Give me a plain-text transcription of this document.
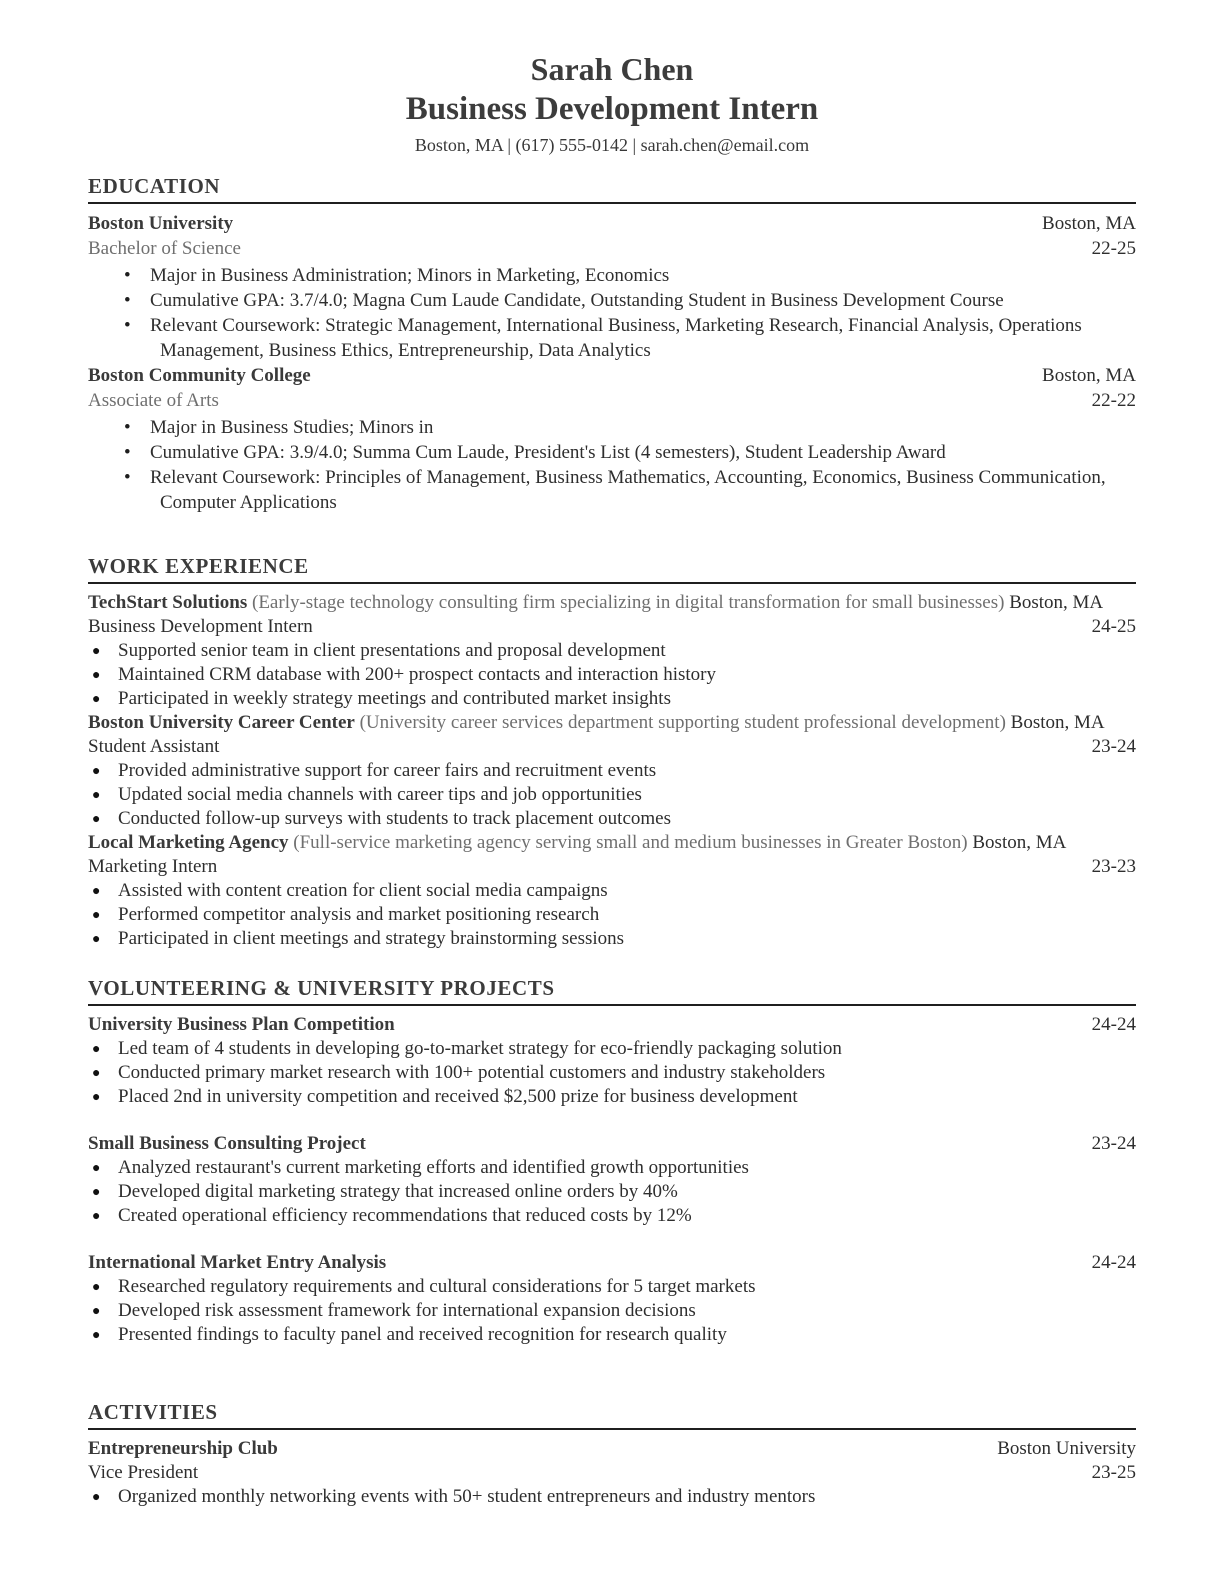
Sarah Chen
Business Development Intern
Boston, MA | (617) 555-0142 | sarah.chen@email.com
EDUCATION
Boston University	Boston, MA
Bachelor of Science	22-25
• Major in Business Administration; Minors in Marketing, Economics
• Cumulative GPA: 3.7/4.0; Magna Cum Laude Candidate, Outstanding Student in Business Development Course
• Relevant Coursework: Strategic Management, International Business, Marketing Research, Financial Analysis, Operations Management, Business Ethics, Entrepreneurship, Data Analytics
Boston Community College	Boston, MA
Associate of Arts	22-22
• Major in Business Studies; Minors in
• Cumulative GPA: 3.9/4.0; Summa Cum Laude, President's List (4 semesters), Student Leadership Award
• Relevant Coursework: Principles of Management, Business Mathematics, Accounting, Economics, Business Communication, Computer Applications
WORK EXPERIENCE

TechStart Solutions (Early-stage technology consulting firm specializing in digital transformation for small businesses) Boston, MA

Business Development Intern	24-25
● Supported senior team in client presentations and proposal development
● Maintained CRM database with 200+ prospect contacts and interaction history
● Participated in weekly strategy meetings and contributed market insights

Boston University Career Center (University career services department supporting student professional development) Boston, MA

Student Assistant	23-24
● Provided administrative support for career fairs and recruitment events
● Updated social media channels with career tips and job opportunities
● Conducted follow-up surveys with students to track placement outcomes

Local Marketing Agency (Full-service marketing agency serving small and medium businesses in Greater Boston) Boston, MA

Marketing Intern	23-23
● Assisted with content creation for client social media campaigns
● Performed competitor analysis and market positioning research
● Participated in client meetings and strategy brainstorming sessions
VOLUNTEERING & UNIVERSITY PROJECTS
University Business Plan Competition	24-24
● Led team of 4 students in developing go-to-market strategy for eco-friendly packaging solution
● Conducted primary market research with 100+ potential customers and industry stakeholders
● Placed 2nd in university competition and received $2,500 prize for business development
Small Business Consulting Project	23-24
● Analyzed restaurant's current marketing efforts and identified growth opportunities
● Developed digital marketing strategy that increased online orders by 40%
● Created operational efficiency recommendations that reduced costs by 12%
International Market Entry Analysis	24-24
● Researched regulatory requirements and cultural considerations for 5 target markets
● Developed risk assessment framework for international expansion decisions
● Presented findings to faculty panel and received recognition for research quality
ACTIVITIES
Entrepreneurship Club	Boston University
Vice President	23-25
● Organized monthly networking events with 50+ student entrepreneurs and industry mentors
